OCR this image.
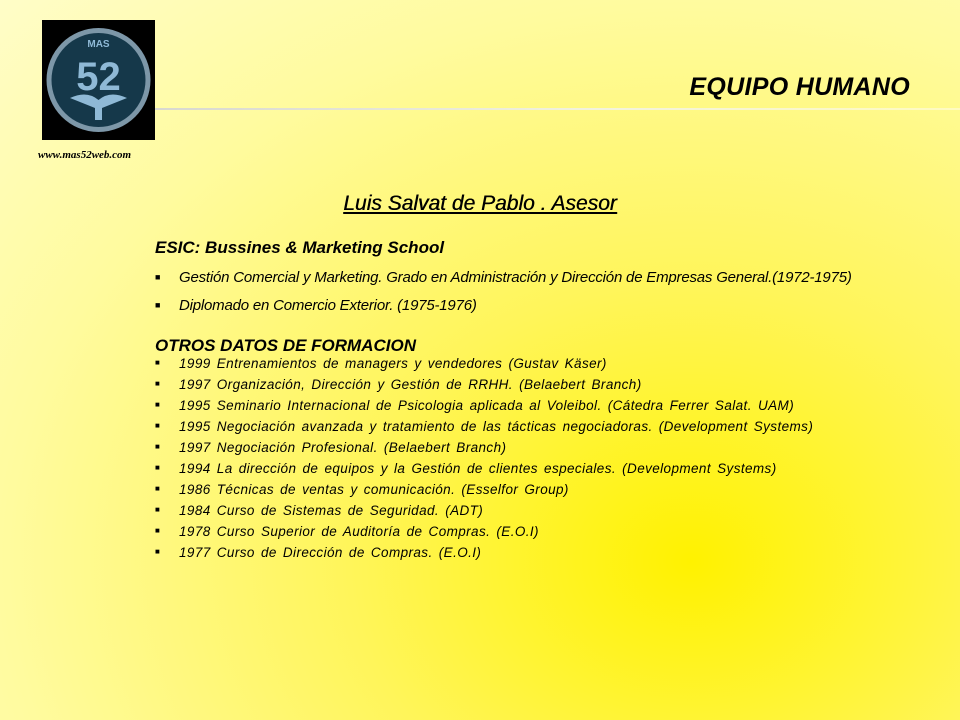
MAS
52
www.mas52web.com
EQUIPO HUMANO
Luis Salvat de Pablo . Asesor
ESIC: Bussines & Marketing School
■ Gestión Comercial y Marketing. Grado en Administración y Dirección de Empresas General.(1972-1975)
■ Diplomado en Comercio Exterior. (1975-1976)
OTROS DATOS DE FORMACION
■ 1999 Entrenamientos de managers y vendedores (Gustav Käser)
■ 1997 Organización, Dirección y Gestión de RRHH. (Belaebert Branch)
■ 1995 Seminario Internacional de Psicologia aplicada al Voleibol. (Cátedra Ferrer Salat. UAM)
■ 1995 Negociación avanzada y tratamiento de las tácticas negociadoras. (Development Systems)
■ 1997 Negociación Profesional. (Belaebert Branch)
■ 1994 La dirección de equipos y la Gestión de clientes especiales. (Development Systems)
■ 1986 Técnicas de ventas y comunicación. (Esselfor Group)
■ 1984 Curso de Sistemas de Seguridad. (ADT)
■ 1978 Curso Superior de Auditoría de Compras. (E.O.I)
■ 1977 Curso de Dirección de Compras. (E.O.I)
